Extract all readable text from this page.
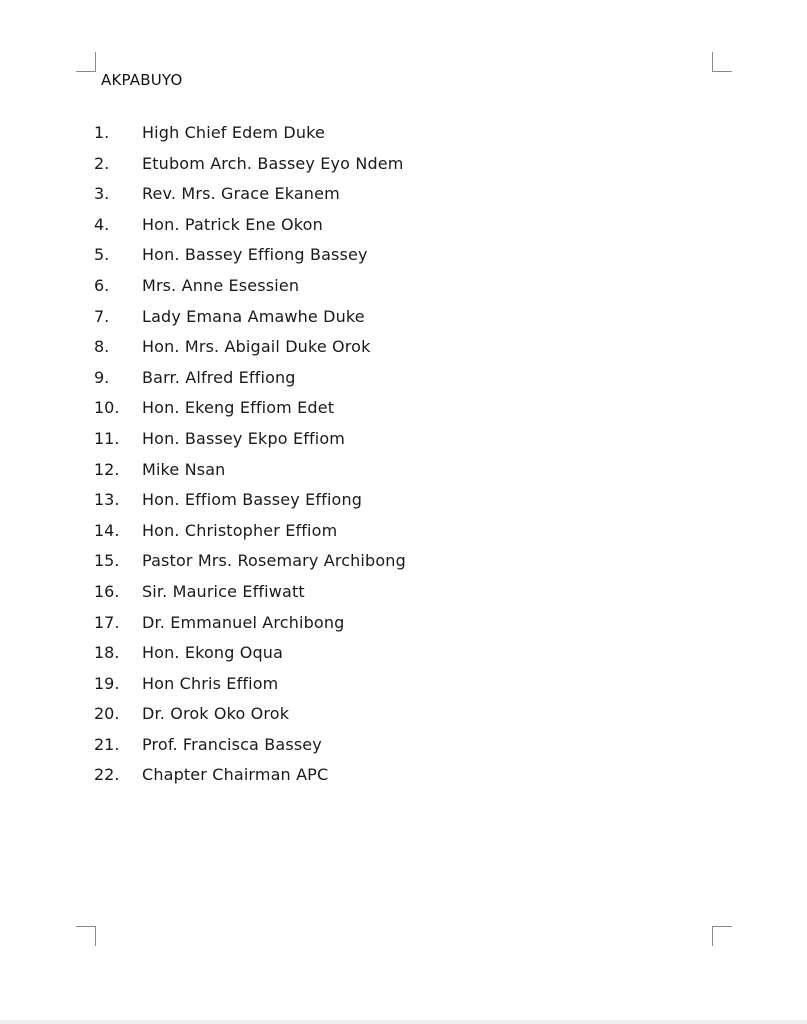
AKPABUYO
1. High Chief Edem Duke
2. Etubom Arch. Bassey Eyo Ndem
3. Rev. Mrs. Grace Ekanem
4. Hon. Patrick Ene Okon
5. Hon. Bassey Effiong Bassey
6. Mrs. Anne Esessien
7. Lady Emana Amawhe Duke
8. Hon. Mrs. Abigail Duke Orok
9. Barr. Alfred Effiong
10. Hon. Ekeng Effiom Edet
11. Hon. Bassey Ekpo Effiom
12. Mike Nsan
13. Hon. Effiom Bassey Effiong
14. Hon. Christopher Effiom
15. Pastor Mrs. Rosemary Archibong
16. Sir. Maurice Effiwatt
17. Dr. Emmanuel Archibong
18. Hon. Ekong Oqua
19. Hon Chris Effiom
20. Dr. Orok Oko Orok
21. Prof. Francisca Bassey
22. Chapter Chairman APC
